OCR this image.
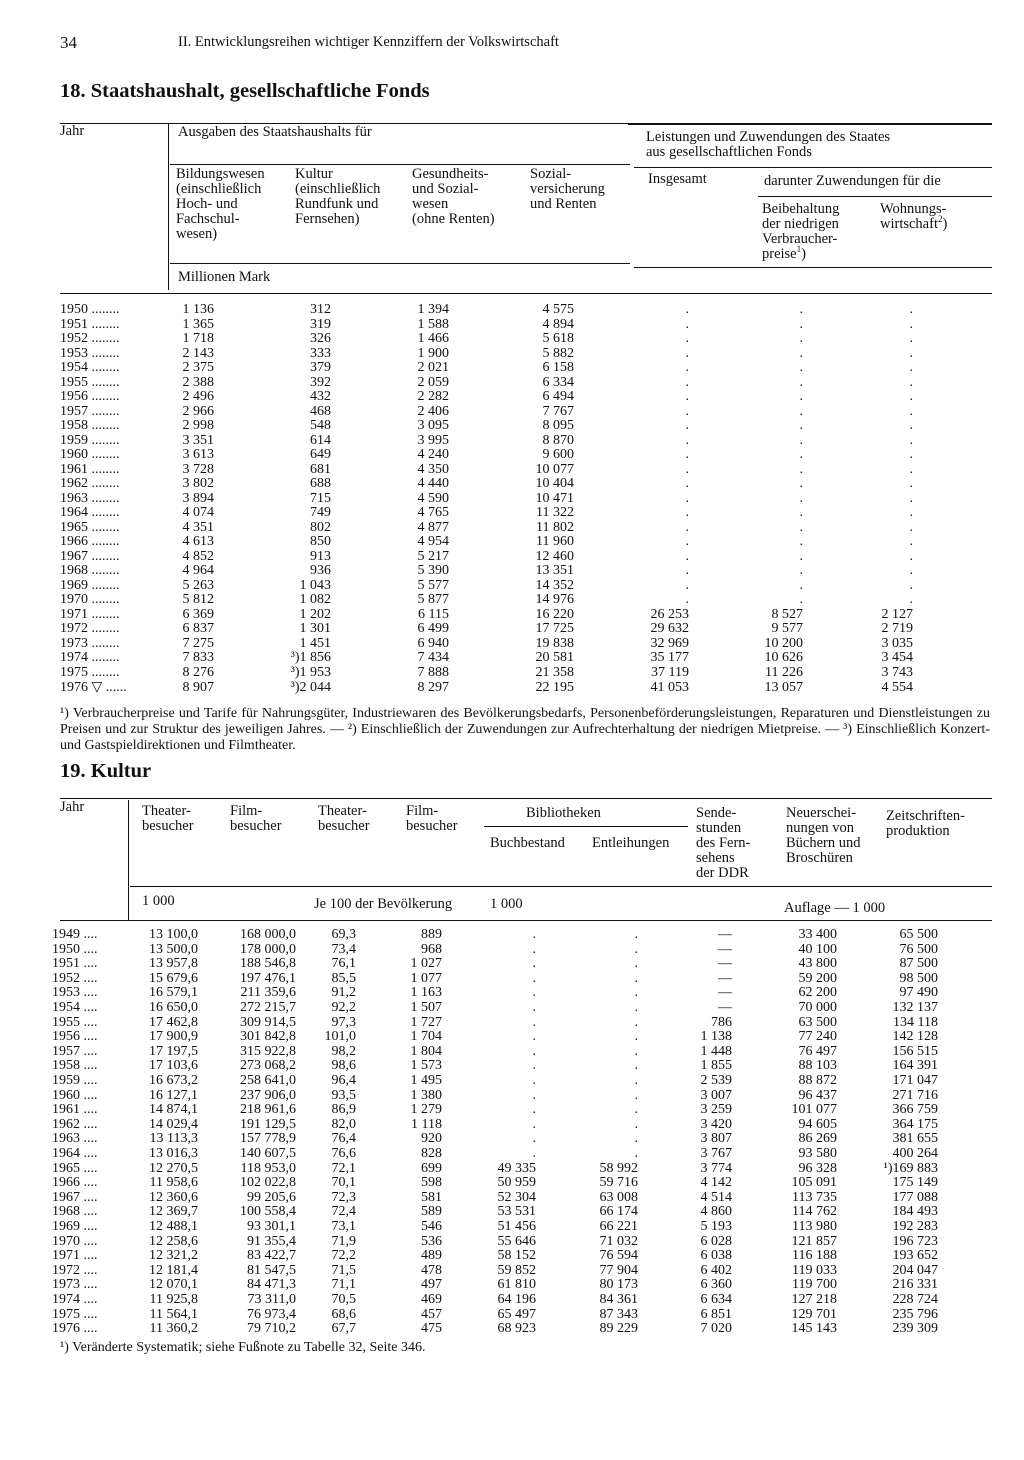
34	II. Entwicklungsreihen wichtiger Kennziffern der Volkswirtschaft
18. Staatshaushalt, gesellschaftliche Fonds
Jahr	Ausgaben des Staatshaushalts für	Leistungen und Zuwendungen des Staates
aus gesellschaftlichen Fonds
Bildungswesen
(einschließlich
Hoch- und
Fachschul-
wesen)
Kultur
(einschließlich
Rundfunk und
Fernsehen)
Gesundheits-
und Sozial-
wesen
(ohne Renten)
Sozial-
versicherung
und Renten
Insgesamt	darunter Zuwendungen für die
Beibehaltung
der niedrigen
Verbraucher-
preise$^1$)
Wohnungs-
wirtschaft$^2$)
Millionen Mark
1950 ........	1 136	312	1 394	4 575	.	.	.
1951 ........	1 365	319	1 588	4 894	.	.	.
1952 ........	1 718	326	1 466	5 618	.	.	.
1953 ........	2 143	333	1 900	5 882	.	.	.
1954 ........	2 375	379	2 021	6 158	.	.	.
1955 ........	2 388	392	2 059	6 334	.	.	.
1956 ........	2 496	432	2 282	6 494	.	.	.
1957 ........	2 966	468	2 406	7 767	.	.	.
1958 ........	2 998	548	3 095	8 095	.	.	.
1959 ........	3 351	614	3 995	8 870	.	.	.
1960 ........	3 613	649	4 240	9 600	.	.	.
1961 ........	3 728	681	4 350	10 077	.	.	.
1962 ........	3 802	688	4 440	10 404	.	.	.
1963 ........	3 894	715	4 590	10 471	.	.	.
1964 ........	4 074	749	4 765	11 322	.	.	.
1965 ........	4 351	802	4 877	11 802	.	.	.
1966 ........	4 613	850	4 954	11 960	.	.	.
1967 ........	4 852	913	5 217	12 460	.	.	.
1968 ........	4 964	936	5 390	13 351	.	.	.
1969 ........	5 263	1 043	5 577	14 352	.	.	.
1970 ........	5 812	1 082	5 877	14 976	.	.	.
1971 ........	6 369	1 202	6 115	16 220	26 253	8 527	2 127
1972 ........	6 837	1 301	6 499	17 725	29 632	9 577	2 719
1973 ........	7 275	1 451	6 940	19 838	32 969	10 200	3 035
1974 ........	7 833	³)1 856	7 434	20 581	35 177	10 626	3 454
1975 ........	8 276	³)1 953	7 888	21 358	37 119	11 226	3 743
1976 ▽ ......	8 907	³)2 044	8 297	22 195	41 053	13 057	4 554
¹) Verbraucherpreise und Tarife für Nahrungsgüter, Industriewaren des Bevölkerungsbedarfs, Personenbeförderungsleistungen, Reparaturen und Dienstleistungen zu Preisen und zur Struktur des jeweiligen Jahres. — ²) Einschließlich der Zuwendungen zur Aufrechterhaltung der niedrigen Mietpreise. — ³) Einschließlich Konzert- und Gastspieldirektionen und Filmtheater.
19. Kultur
Jahr	Theater-
besucher
Film-
besucher
Theater-
besucher
Film-
besucher
Bibliotheken
Buchbestand Entleihungen
Sende-
stunden
des Fern-
sehens
der DDR
Neuerschei-
nungen von
Büchern und
Broschüren
Zeitschriften-
produktion
1 000	Je 100 der Bevölkerung	1 000	Auflage — 1 000
1949 ....	13 100,0	168 000,0	69,3	889	.	.	—	33 400	65 500
1950 ....	13 500,0	178 000,0	73,4	968	.	.	—	40 100	76 500
1951 ....	13 957,8	188 546,8	76,1	1 027	.	.	—	43 800	87 500
1952 ....	15 679,6	197 476,1	85,5	1 077	.	.	—	59 200	98 500
1953 ....	16 579,1	211 359,6	91,2	1 163	.	.	—	62 200	97 490
1954 ....	16 650,0	272 215,7	92,2	1 507	.	.	—	70 000	132 137
1955 ....	17 462,8	309 914,5	97,3	1 727	.	.	786	63 500	134 118
1956 ....	17 900,9	301 842,8	101,0	1 704	.	.	1 138	77 240	142 128
1957 ....	17 197,5	315 922,8	98,2	1 804	.	.	1 448	76 497	156 515
1958 ....	17 103,6	273 068,2	98,6	1 573	.	.	1 855	88 103	164 391
1959 ....	16 673,2	258 641,0	96,4	1 495	.	.	2 539	88 872	171 047
1960 ....	16 127,1	237 906,0	93,5	1 380	.	.	3 007	96 437	271 716
1961 ....	14 874,1	218 961,6	86,9	1 279	.	.	3 259	101 077	366 759
1962 ....	14 029,4	191 129,5	82,0	1 118	.	.	3 420	94 605	364 175
1963 ....	13 113,3	157 778,9	76,4	920	.	.	3 807	86 269	381 655
1964 ....	13 016,3	140 607,5	76,6	828	.	.	3 767	93 580	400 264
1965 ....	12 270,5	118 953,0	72,1	699	49 335	58 992	3 774	96 328	¹)169 883
1966 ....	11 958,6	102 022,8	70,1	598	50 959	59 716	4 142	105 091	175 149
1967 ....	12 360,6	99 205,6	72,3	581	52 304	63 008	4 514	113 735	177 088
1968 ....	12 369,7	100 558,4	72,4	589	53 531	66 174	4 860	114 762	184 493
1969 ....	12 488,1	93 301,1	73,1	546	51 456	66 221	5 193	113 980	192 283
1970 ....	12 258,6	91 355,4	71,9	536	55 646	71 032	6 028	121 857	196 723
1971 ....	12 321,2	83 422,7	72,2	489	58 152	76 594	6 038	116 188	193 652
1972 ....	12 181,4	81 547,5	71,5	478	59 852	77 904	6 402	119 033	204 047
1973 ....	12 070,1	84 471,3	71,1	497	61 810	80 173	6 360	119 700	216 331
1974 ....	11 925,8	73 311,0	70,5	469	64 196	84 361	6 634	127 218	228 724
1975 ....	11 564,1	76 973,4	68,6	457	65 497	87 343	6 851	129 701	235 796
1976 ....	11 360,2	79 710,2	67,7	475	68 923	89 229	7 020	145 143	239 309
¹) Veränderte Systematik; siehe Fußnote zu Tabelle 32, Seite 346.
